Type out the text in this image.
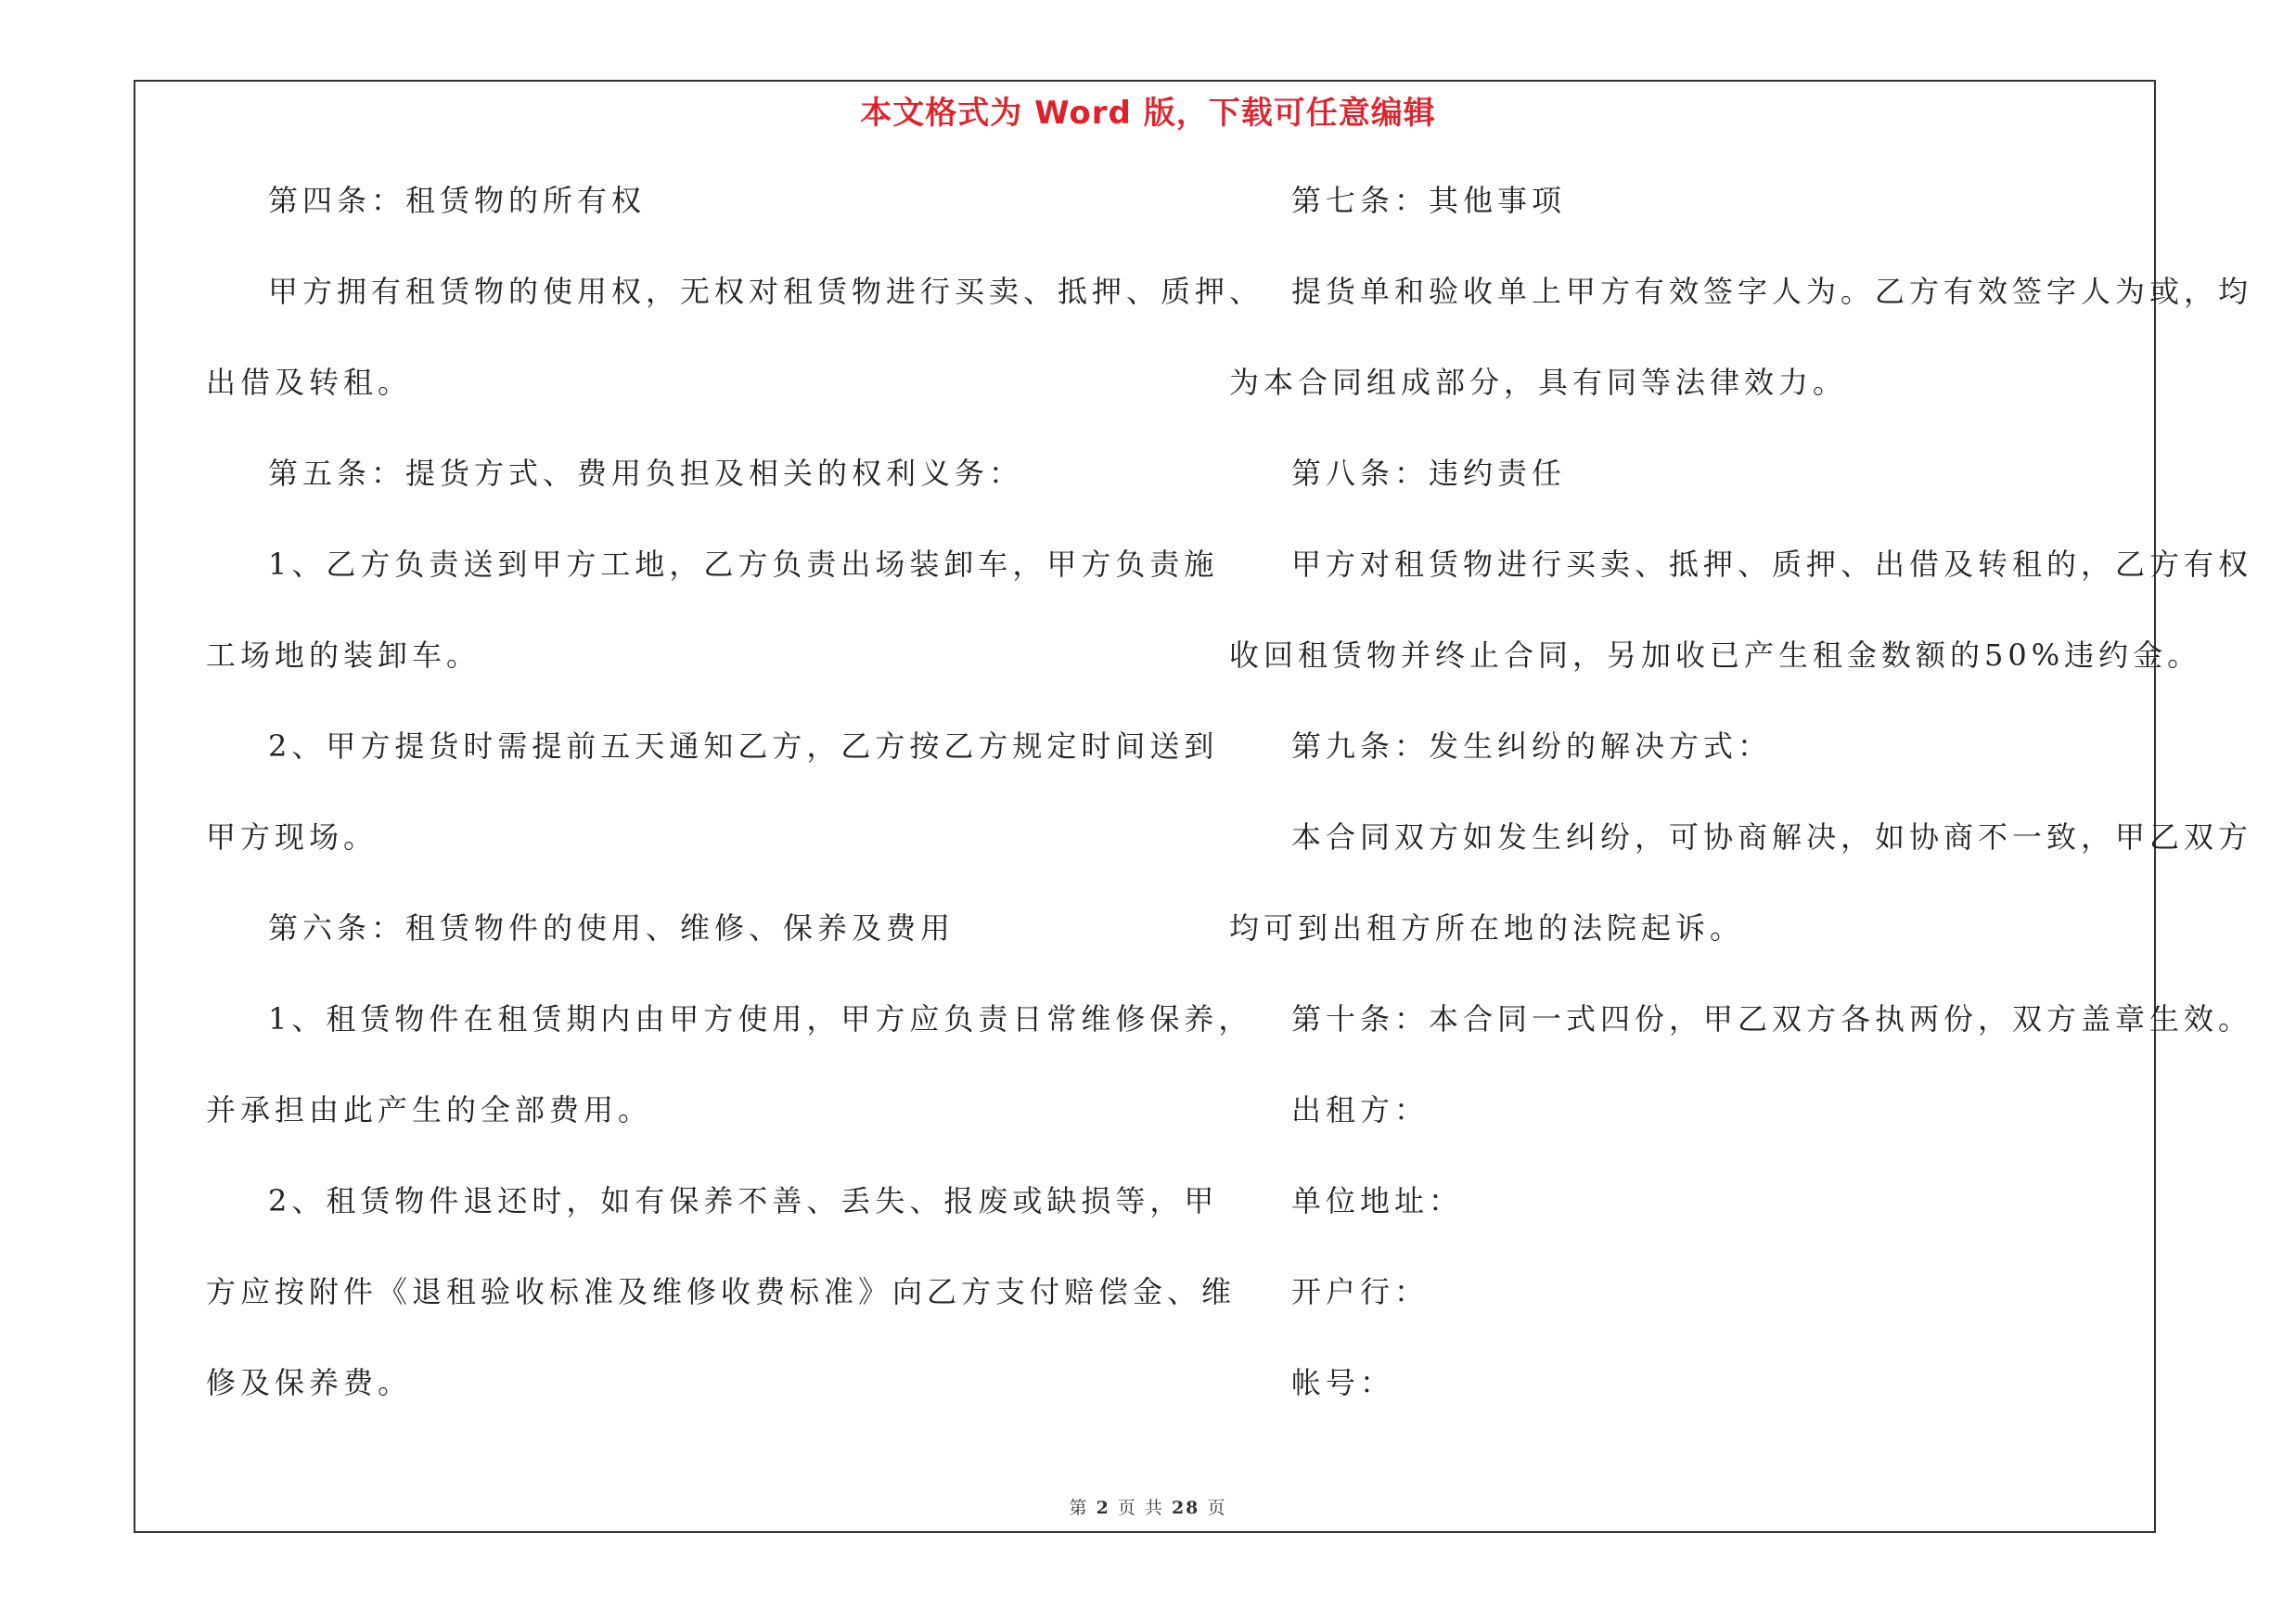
本文格式为 Word 版，下载可任意编辑
第四条：租赁物的所有权
甲方拥有租赁物的使用权，无权对租赁物进行买卖、抵押、质押、
出借及转租。
第五条：提货方式、费用负担及相关的权利义务：
1、乙方负责送到甲方工地，乙方负责出场装卸车，甲方负责施
工场地的装卸车。
2、甲方提货时需提前五天通知乙方，乙方按乙方规定时间送到
甲方现场。
第六条：租赁物件的使用、维修、保养及费用
1、租赁物件在租赁期内由甲方使用，甲方应负责日常维修保养，
并承担由此产生的全部费用。
2、租赁物件退还时，如有保养不善、丢失、报废或缺损等，甲
方应按附件《退租验收标准及维修收费标准》向乙方支付赔偿金、维
修及保养费。
第七条：其他事项
提货单和验收单上甲方有效签字人为。乙方有效签字人为或，均
为本合同组成部分，具有同等法律效力。
第八条：违约责任
甲方对租赁物进行买卖、抵押、质押、出借及转租的，乙方有权
收回租赁物并终止合同，另加收已产生租金数额的50%违约金。
第九条：发生纠纷的解决方式：
本合同双方如发生纠纷，可协商解决，如协商不一致，甲乙双方
均可到出租方所在地的法院起诉。
第十条：本合同一式四份，甲乙双方各执两份，双方盖章生效。
出租方：
单位地址：
开户行：
帐号：
第 2 页 共 28 页
